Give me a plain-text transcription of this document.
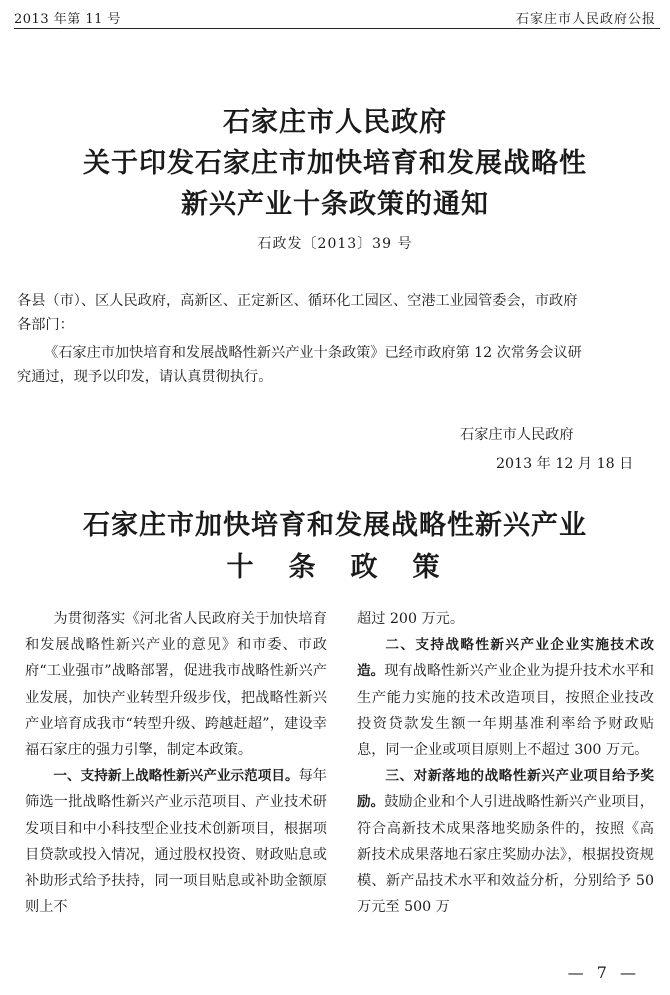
2013 年第 11 号	石家庄市人民政府公报
石家庄市人民政府
关于印发石家庄市加快培育和发展战略性
新兴产业十条政策的通知
石政发〔2013〕39 号
各县（市）、区人民政府，高新区、正定新区、循环化工园区、空港工业园管委会，市政府
各部门：
《石家庄市加快培育和发展战略性新兴产业十条政策》已经市政府第 12 次常务会议研
究通过，现予以印发，请认真贯彻执行。
石家庄市人民政府
2013 年 12 月 18 日
石家庄市加快培育和发展战略性新兴产业
十　条　政　策

为贯彻落实《河北省人民政府关于加快培育和发展战略性新兴产业的意见》和市委、市政府“工业强市”战略部署，促进我市战略性新兴产业发展，加快产业转型升级步伐，把战略性新兴产业培育成我市“转型升级、跨越赶超”，建设幸福石家庄的强力引擎，制定本政策。

一、支持新上战略性新兴产业示范项目。每年筛选一批战略性新兴产业示范项目、产业技术研发项目和中小科技型企业技术创新项目，根据项目贷款或投入情况，通过股权投资、财政贴息或补助形式给予扶持，同一项目贴息或补助金额原则上不

超过 200 万元。

二、支持战略性新兴产业企业实施技术改造。现有战略性新兴产业企业为提升技术水平和生产能力实施的技术改造项目，按照企业技改投资贷款发生额一年期基准利率给予财政贴息，同一企业或项目原则上不超过 300 万元。

三、对新落地的战略性新兴产业项目给予奖励。鼓励企业和个人引进战略性新兴产业项目，符合高新技术成果落地奖励条件的，按照《高新技术成果落地石家庄奖励办法》，根据投资规模、新产品技术水平和效益分析，分别给予 50 万元至 500 万

— 7 —
